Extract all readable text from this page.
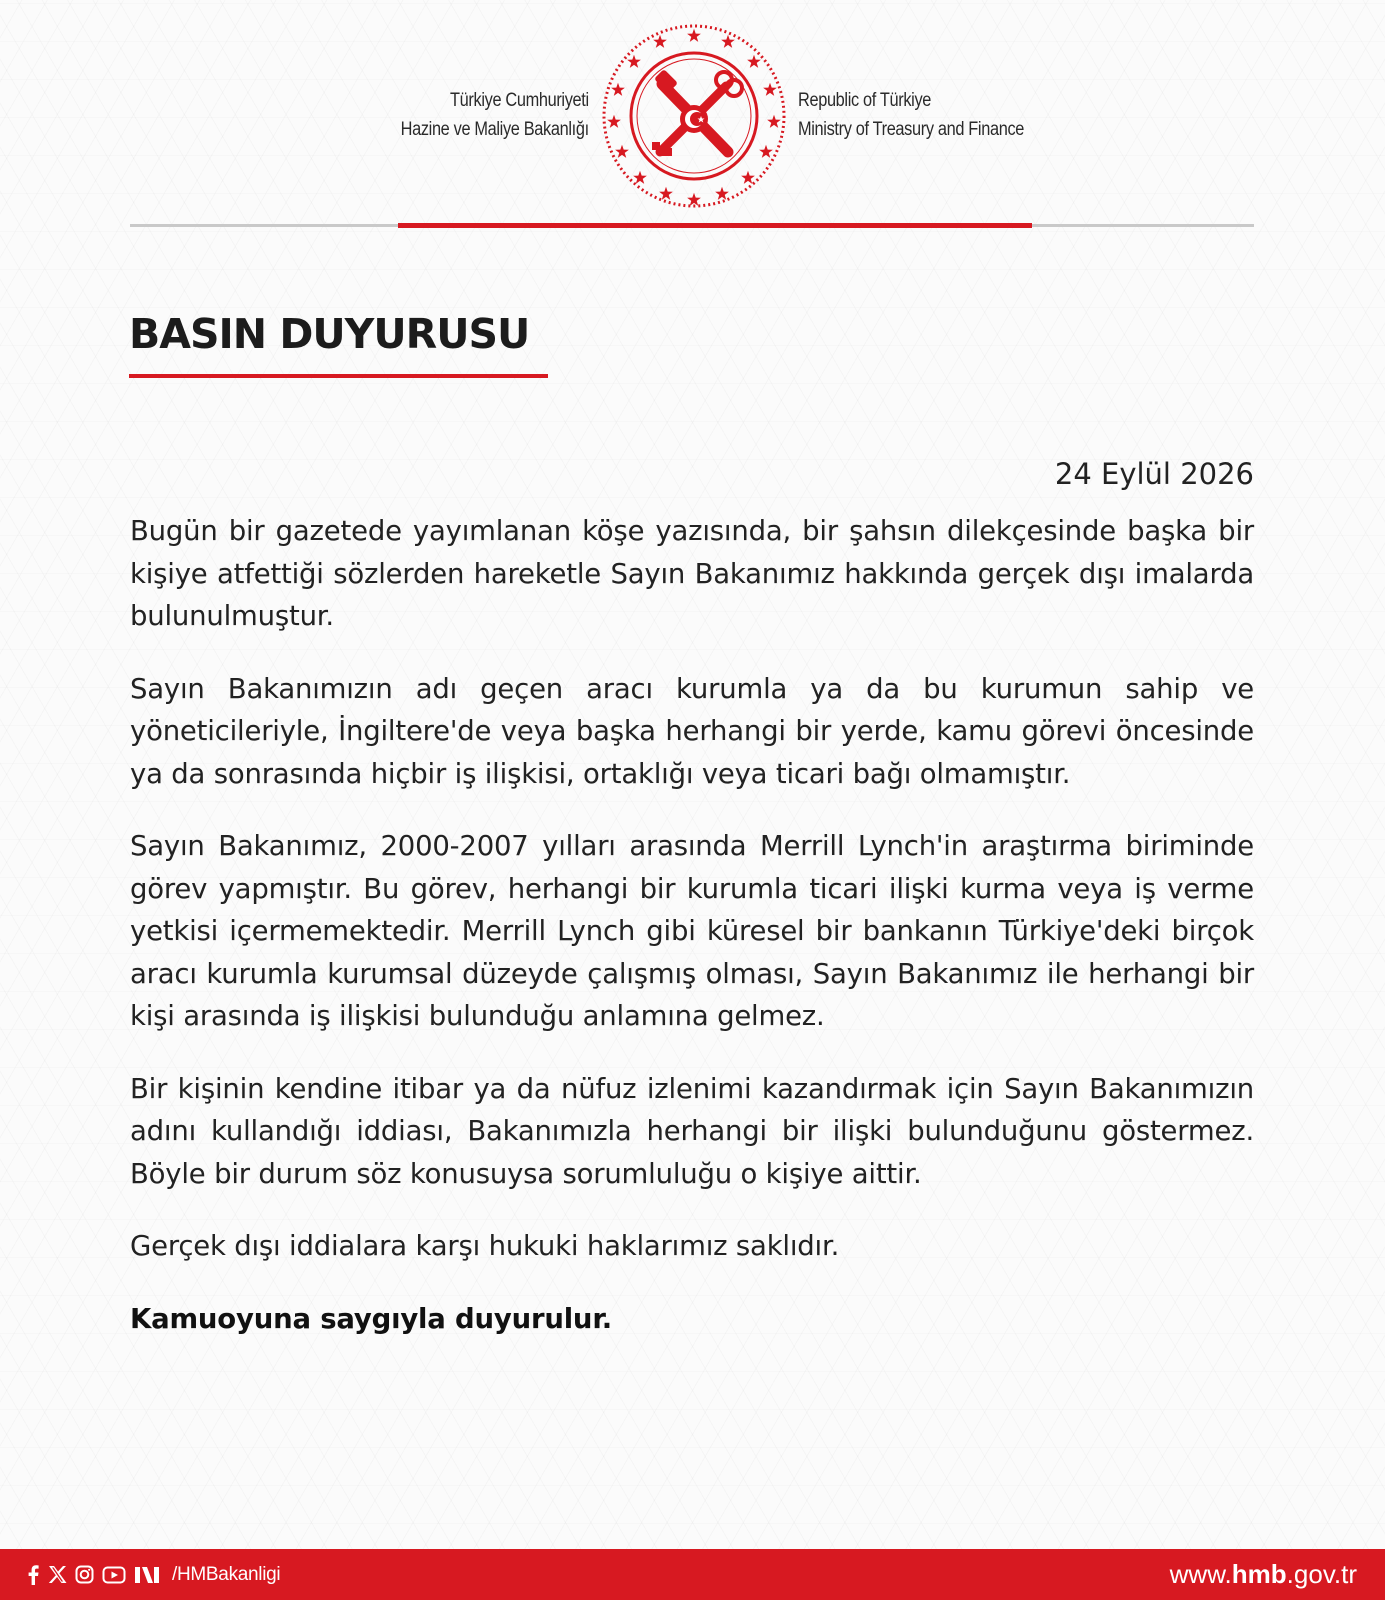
Türkiye Cumhuriyeti
Hazine ve Maliye Bakanlığı
Republic of Türkiye
Ministry of Treasury and Finance
BASIN DUYURUSU
24 Eylül 2026

Bugün bir gazetede yayımlanan köşe yazısında, bir şahsın dilekçesinde başka bir kişiye atfettiği sözlerden hareketle Sayın Bakanımız hakkında gerçek dışı imalarda bulunulmuştur.

Sayın Bakanımızın adı geçen aracı kurumla ya da bu kurumun sahip ve yöneticileriyle, İngiltere'de veya başka herhangi bir yerde, kamu görevi öncesinde ya da sonrasında hiçbir iş ilişkisi, ortaklığı veya ticari bağı olmamıştır.

Sayın Bakanımız, 2000-2007 yılları arasında Merrill Lynch'in araştırma biriminde görev yapmıştır. Bu görev, herhangi bir kurumla ticari ilişki kurma veya iş verme yetkisi içermemektedir. Merrill Lynch gibi küresel bir bankanın Türkiye'deki birçok aracı kurumla kurumsal düzeyde çalışmış olması, Sayın Bakanımız ile herhangi bir kişi arasında iş ilişkisi bulunduğu anlamına gelmez.

Bir kişinin kendine itibar ya da nüfuz izlenimi kazandırmak için Sayın Bakanımızın adını kullandığı iddiası, Bakanımızla herhangi bir ilişki bulunduğunu göstermez. Böyle bir durum söz konusuysa sorumluluğu o kişiye aittir.

Gerçek dışı iddialara karşı hukuki haklarımız saklıdır.

Kamuoyuna saygıyla duyurulur.

/HMBakanligi	www. hmb .gov.tr
